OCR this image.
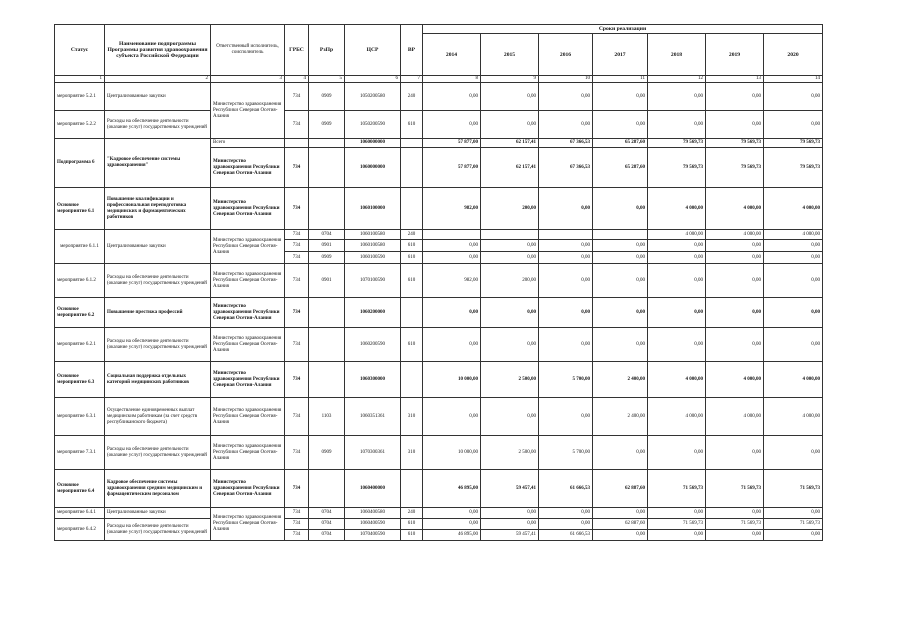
Статус	Наименование подпрограммы Программы развития здравоохранения субъекта Российской Федерации	Ответственный исполнитель, соисполнитель	ГРБС	РзПр	ЦСР	ВР	Сроки реализации						
							2014	2015	2016	2017	2018	2019	2020
1	2	3	4	5	6	7	8	9	10	11	12	13	14
мероприятие 5.2.1	Централизованные закупки	Министерство здравоохранения Республики Северная Осетия-Алания	734	0909	1050200580	240	0,00	0,00	0,00	0,00	0,00	0,00	0,00
мероприятие 5.2.2	Расходы на обеспечение деятельности (оказание услуг) государственных учреждений		734	0909	1050200590	610	0,00	0,00	0,00	0,00	0,00	0,00	0,00
Подпрограмма 6	"Кадровое обеспечение системы здравоохранения"	Всего			1060000000		57 877,00	62 157,41	67 366,53	65 287,60	79 569,73	79 569,73	79 569,73
		Министерство здравоохранения Республики Северная Осетия-Алания	734		1060000000		57 877,00	62 157,41	67 366,53	65 287,60	79 569,73	79 569,73	79 569,73
Основное мероприятие 6.1	Повышение квалификации и профессиональная переподготовка медицинских и фармацевтических работников	Министерство здравоохранения Республики Северная Осетия-Алания	734		1060100000		982,00	200,00	0,00	0,00	4 000,00	4 000,00	4 000,00
мероприятие 6.1.1	Централизованные закупки	Министерство здравоохранения Республики Северная Осетия-Алания	734	0704	1060100580	240					4 000,00	4 000,00	4 000,00
			734	0901	1060100580	610	0,00	0,00	0,00	0,00	0,00	0,00	0,00
			734	0909	1060100590	610	0,00	0,00	0,00	0,00	0,00	0,00	0,00
мероприятие 6.1.2	Расходы на обеспечение деятельности (оказание услуг) государственных учреждений	Министерство здравоохранения Республики Северная Осетия-Алания	734	0901	1070100590	610	982,00	200,00	0,00	0,00	0,00	0,00	0,00
Основное мероприятие 6.2	Повышение престижа профессий	Министерство здравоохранения Республики Северная Осетия-Алания	734		1060200000		0,00	0,00	0,00	0,00	0,00	0,00	0,00
мероприятие 6.2.1	Расходы на обеспечение деятельности (оказание услуг) государственных учреждений	Министерство здравоохранения Республики Северная Осетия-Алания	734		1060200590	610	0,00	0,00	0,00	0,00	0,00	0,00	0,00
Основное мероприятие 6.3	Социальная поддержка отдельных категорий медицинских работников	Министерство здравоохранения Республики Северная Осетия-Алания	734		1060300000		10 000,00	2 500,00	5 700,00	2 400,00	4 000,00	4 000,00	4 000,00
мероприятие 6.3.1	Осуществление единовременных выплат медицинским работникам (за счет средств республиканского бюджета)	Министерство здравоохранения Республики Северная Осетия-Алания	734	1103	1060351361	310	0,00	0,00	0,00	2 400,00	4 000,00	4 000,00	4 000,00
мероприятие 7.3.1	Расходы на обеспечение деятельности (оказание услуг) государственных учреждений	Министерство здравоохранения Республики Северная Осетия-Алания	734	0909	1070300361	310	10 000,00	2 500,00	5 700,00	0,00	0,00	0,00	0,00
Основное мероприятие 6.4	Кадровое обеспечение системы здравоохранения средним медицинским и фармацевтическим персоналом	Министерство здравоохранения Республики Северная Осетия-Алания	734		1060400000		46 895,00	59 457,41	61 666,53	62 887,60	71 569,73	71 569,73	71 569,73
мероприятие 6.4.1	Централизованные закупки	Министерство здравоохранения Республики Северная Осетия-Алания	734	0704	1060400580	240	0,00	0,00	0,00	0,00	0,00	0,00	0,00
мероприятие 6.4.2	Расходы на обеспечение деятельности (оказание услуг) государственных учреждений		734	0704	1060400590	610	0,00	0,00	0,00	62 887,60	71 569,73	71 569,73	71 569,73
			734	0704	1070400590	610	46 895,00	59 457,41	61 666,53	0,00	0,00	0,00	0,00
